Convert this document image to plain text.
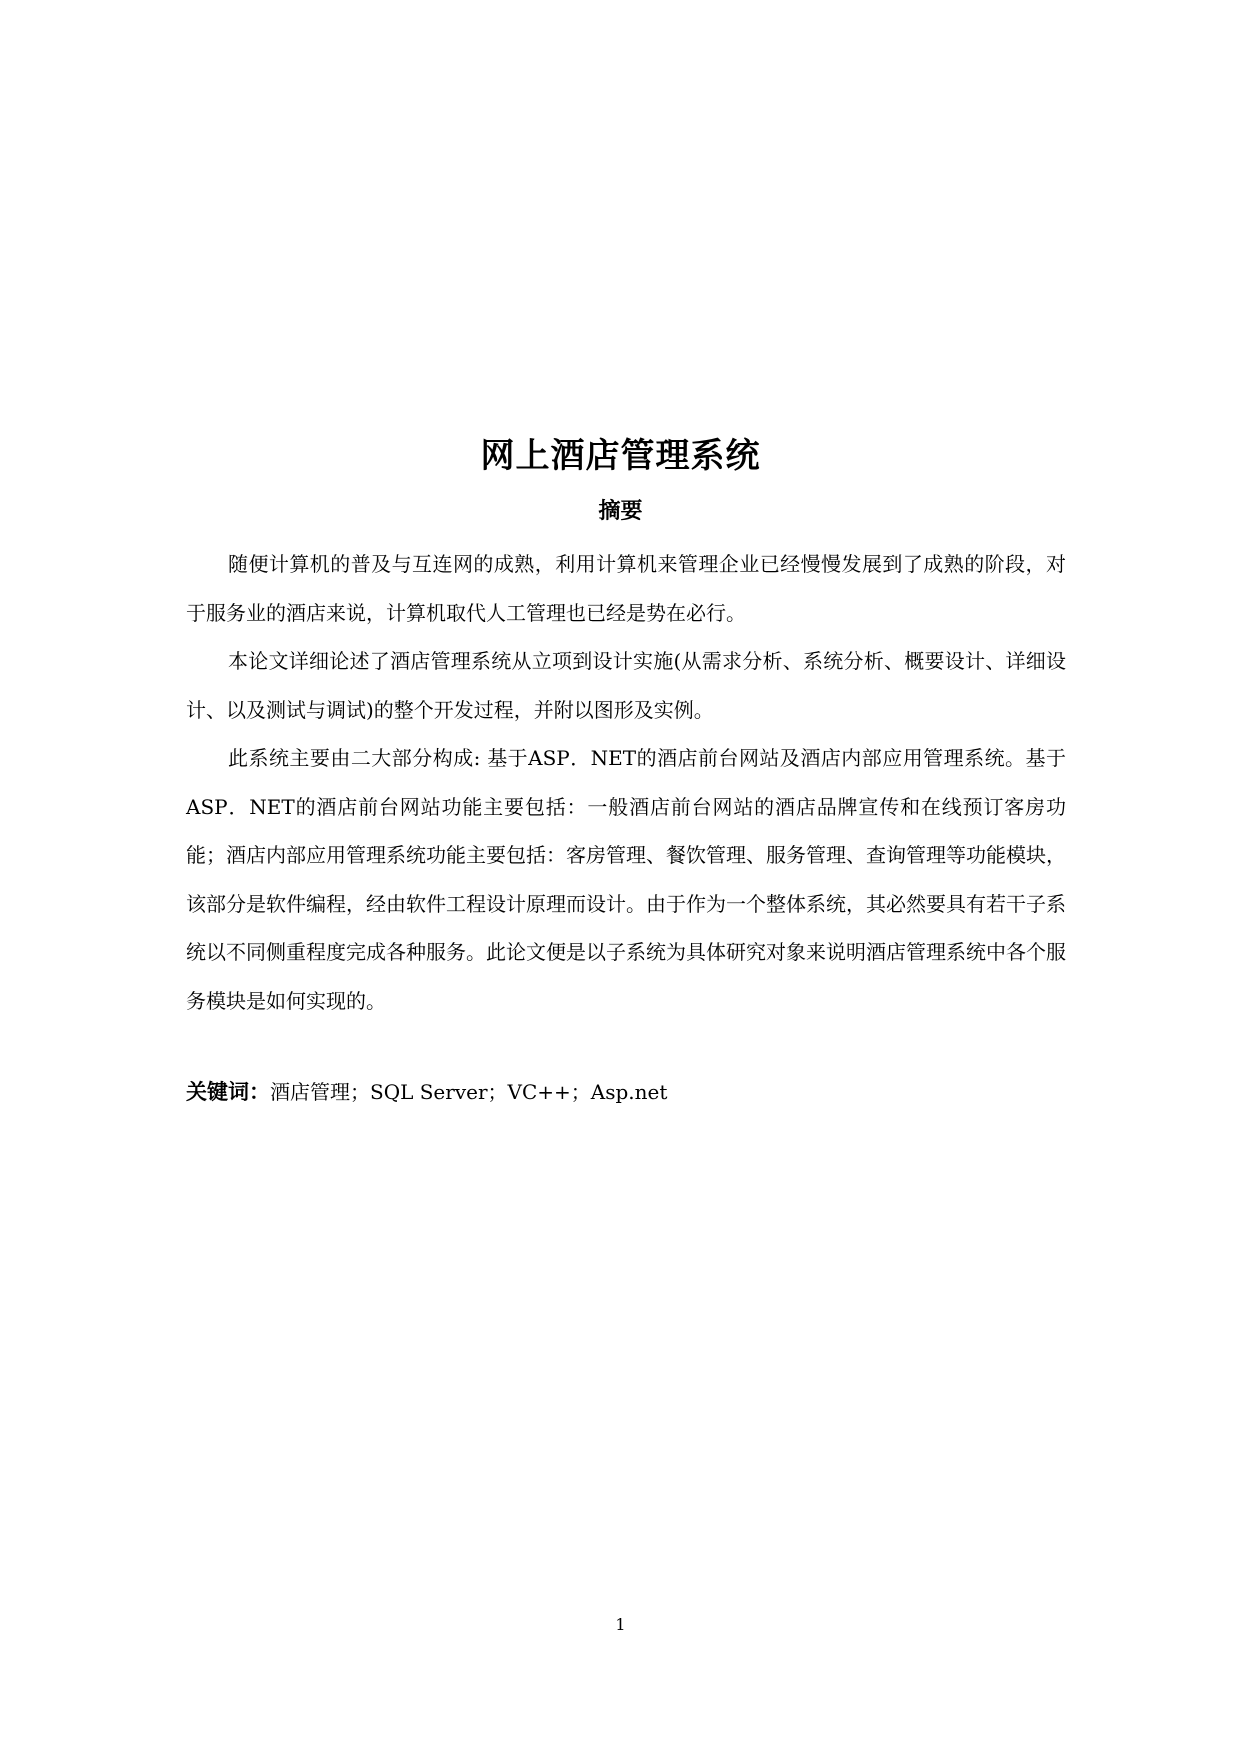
网上酒店管理系统
摘要

随便计算机的普及与互连网的成熟，利用计算机来管理企业已经慢慢发展到了成熟的阶段，对于服务业的酒店来说，计算机取代人工管理也已经是势在必行。

本论文详细论述了酒店管理系统从立项到设计实施(从需求分析、系统分析、概要设计、详细设计、以及测试与调试)的整个开发过程，并附以图形及实例。

此系统主要由二大部分构成: 基于ASP．NET的酒店前台网站及酒店内部应用管理系统。基于ASP．NET的酒店前台网站功能主要包括：一般酒店前台网站的酒店品牌宣传和在线预订客房功能；酒店内部应用管理系统功能主要包括：客房管理、餐饮管理、服务管理、查询管理等功能模块，该部分是软件编程，经由软件工程设计原理而设计。由于作为一个整体系统，其必然要具有若干子系统以不同侧重程度完成各种服务。此论文便是以子系统为具体研究对象来说明酒店管理系统中各个服务模块是如何实现的。

关键词：酒店管理；SQL Server；VC++；Asp.net
1
